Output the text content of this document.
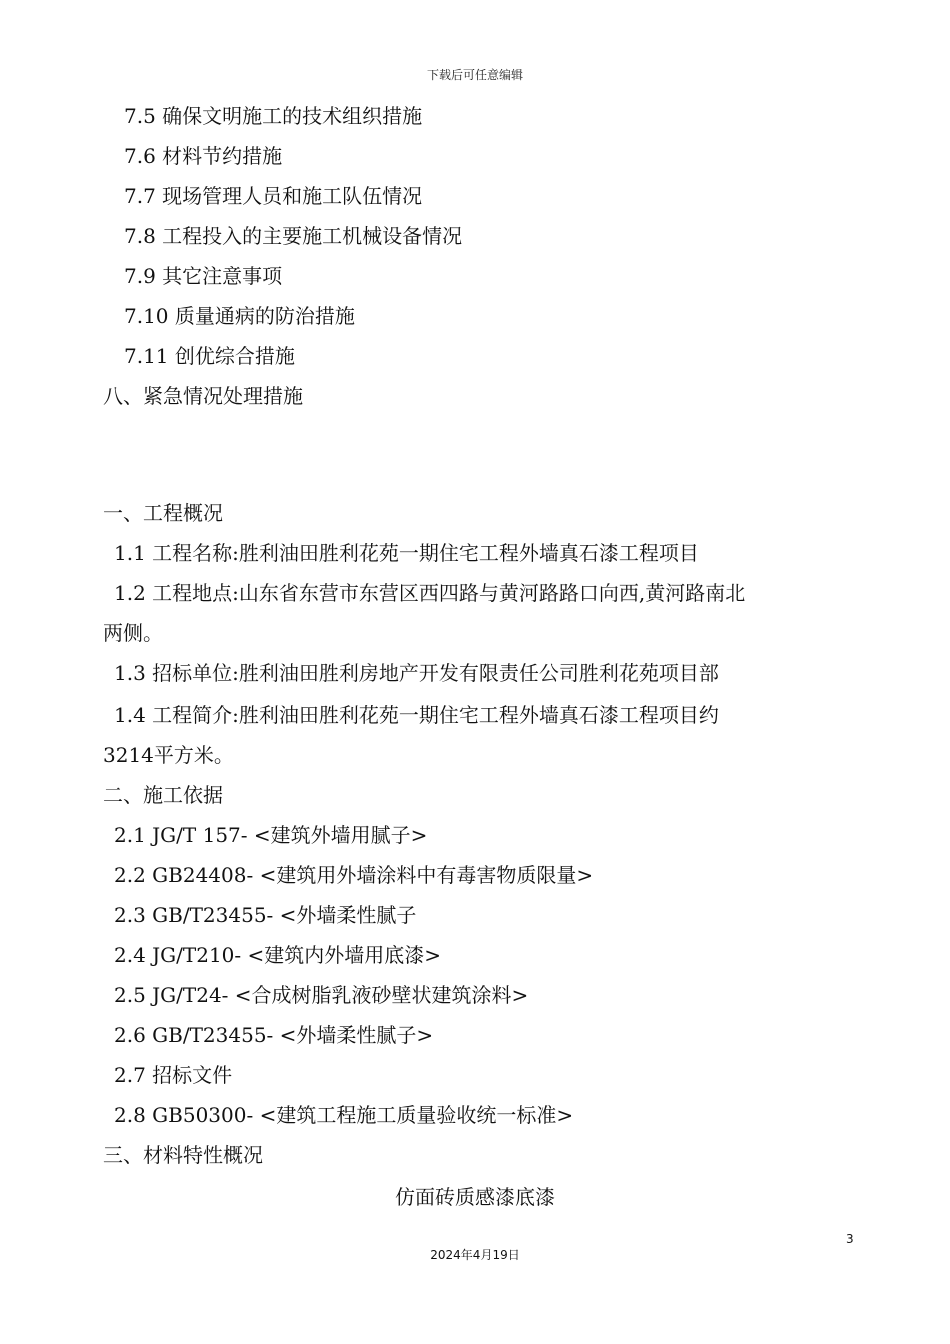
下载后可任意编辑
7.5 确保文明施工的技术组织措施
7.6 材料节约措施
7.7 现场管理人员和施工队伍情况
7.8 工程投入的主要施工机械设备情况
7.9 其它注意事项
7.10 质量通病的防治措施
7.11 创优综合措施
八、紧急情况处理措施
一、工程概况
1.1 工程名称:胜利油田胜利花苑一期住宅工程外墙真石漆工程项目
1.2 工程地点:山东省东营市东营区西四路与黄河路路口向西,黄河路南北
两侧。
1.3 招标单位:胜利油田胜利房地产开发有限责任公司胜利花苑项目部
1.4 工程简介:胜利油田胜利花苑一期住宅工程外墙真石漆工程项目约
3214平方米。
二、施工依据
2.1 JG/T 157- <建筑外墙用腻子>
2.2 GB24408- <建筑用外墙涂料中有毒害物质限量>
2.3 GB/T23455- <外墙柔性腻子
2.4 JG/T210- <建筑内外墙用底漆>
2.5 JG/T24- <合成树脂乳液砂壁状建筑涂料>
2.6 GB/T23455- <外墙柔性腻子>
2.7 招标文件
2.8 GB50300- <建筑工程施工质量验收统一标准>
三、材料特性概况
仿面砖质感漆底漆
3
2024年4月19日
